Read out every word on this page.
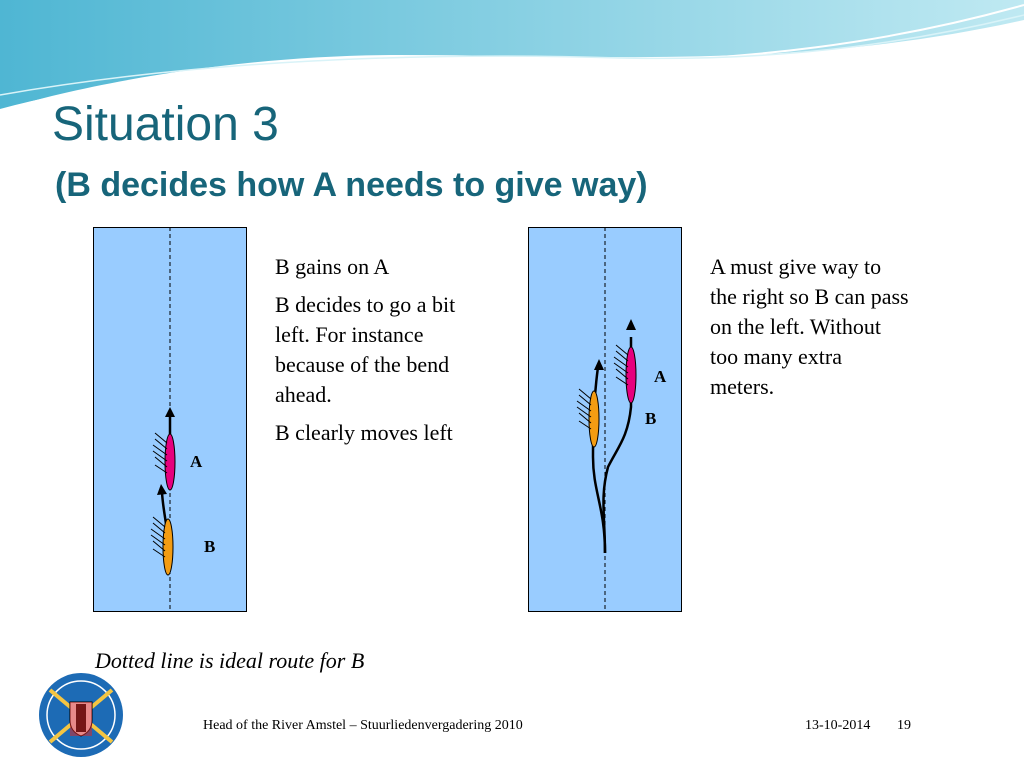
Situation 3
(B decides how A needs to give way)
A
B

B gains on A

B decides to go a bit left. For instance because of the bend ahead.

B clearly moves left

A
B

A must give way to the right so B can pass on the left. Without too many extra meters.

Dotted line is ideal route for B
Head of the River Amstel – Stuurliedenvergadering 2010	13-10-2014 19
